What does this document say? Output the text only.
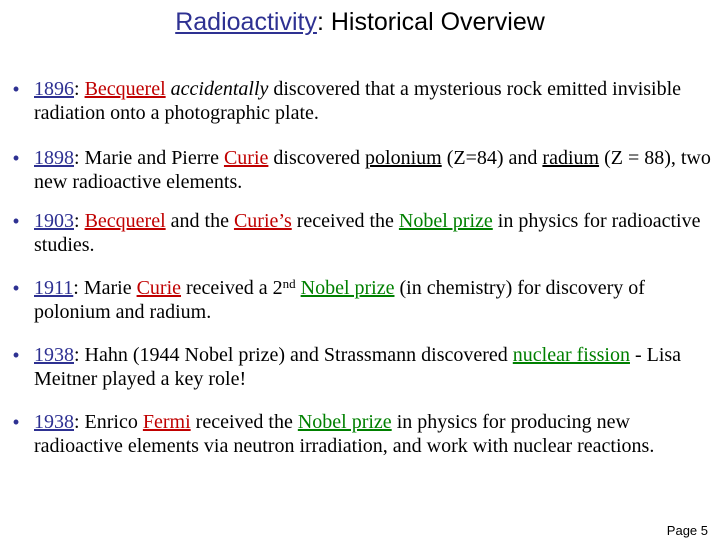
Radioactivity: Historical Overview
• 1896: Becquerel accidentally discovered that a mysterious rock emitted invisible radiation onto a photographic plate.
• 1898: Marie and Pierre Curie discovered polonium (Z=84) and radium (Z = 88), two new radioactive elements.
• 1903: Becquerel and the Curie’s received the Nobel prize in physics for radioactive studies.
• 1911: Marie Curie received a 2nd Nobel prize (in chemistry) for discovery of polonium and radium.
• 1938: Hahn (1944 Nobel prize) and Strassmann discovered nuclear fission - Lisa Meitner played a key role!
• 1938: Enrico Fermi received the Nobel prize in physics for producing new radioactive elements via neutron irradiation, and work with nuclear reactions.
Page 5
